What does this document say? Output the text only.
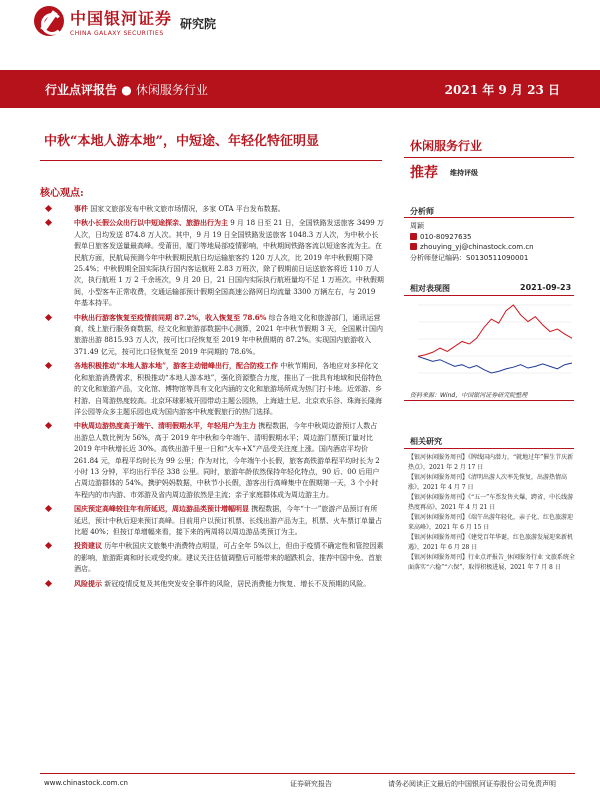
中国银河证券
CHINA GALAXY SECURITIES
研究院
行业点评报告 ● 休闲服务行业	2021 年 9 月 23 日
中秋“本地人游本地”，中短途、年轻化特征明显
核心观点:
事件 国家文旅部发布中秋文旅市场情况，多家 OTA 平台发布数据。
中秋小长假公众出行以中短途探亲、旅游出行为主 9 月 18 日至 21 日，全国铁路发送旅客 3499 万人次，日均发送 874.8 万人次。其中，9 月 19 日全国铁路发送旅客 1048.3 万人次，为中秋小长假单日旅客发送量最高峰。受莆田，厦门等地局部疫情影响，中秋期间铁路客流以短途客流为主。在民航方面，民航局预测今年中秋假期民航日均运输旅客约 120 万人次，比 2019 年中秋假期下降 25.4%；中秋假期全国实际执行国内客运航班 2.83 万班次，除了假期前日运送旅客将近 110 万人次，执行航班 1 万 2 千余班次，9 月 20 日，21 日国内实际执行航班量均不足 1 万班次。中秋假期间，小型客车正常收费，交通运输部预计假期全国高速公路网日均流量 3300 万辆左右，与 2019 年基本持平。
中秋出行游客恢复至疫情前同期 87.2%，收入恢复至 78.6% 综合各地文化和旅游部门，通讯运营商，线上旅行服务商数据，经文化和旅游部数据中心测算，2021 年中秋节假期 3 天，全国累计国内旅游出游 8815.93 万人次，按可比口径恢复至 2019 年中秋假期的 87.2%。实现国内旅游收入 371.49 亿元，按可比口径恢复至 2019 年同期的 78.6%。
各地积极推动“本地人游本地”，游客主动错峰出行，配合防疫工作 中秋节期间，各地应对多样化文化和旅游消费需求，积极推动“本地人游本地”，强化资源整合力度，推出了一批具有地域和民俗特色的文化和旅游产品，文化馆、博物馆等具有文化内涵的文化和旅游场所成为热门打卡地。近郊游、乡村游、自驾游热度较高。北京环球影城开园带动主题公园热，上海迪士尼、北京欢乐谷、珠海长隆海洋公园等众多主题乐园也成为国内游客中秋度假旅行的热门选择。
中秋周边游热度高于端午、清明假期水平，年轻用户为主力 携程数据，今年中秋周边游预订人数占出游总人数比例为 56%，高于 2019 年中秋和今年端午、清明假期水平；周边游门票预订量对比 2019 年中秋增长近 30%。高铁出游千里一日和“火车+X”产品受关注度上涨。国内酒店平均价 261.84 元，单程平均时长为 99 公里；作为对比，今年端午小长假，旅客高铁游单程平均时长为 2 小时 13 分钟，平均出行半径 338 公里。同时，旅游年龄依然保持年轻化特点，90 后、00 后用户占周边游群体的 54%。携驴妈妈数据，中秋节小长假，游客出行高峰集中在假期第一天，3 个小时车程内的市内游、市郊游及省内周边游依然是主流；亲子家庭群体成为周边游主力。
国庆预定高峰较往年有所延迟，周边游品类预计增幅明显 携程数据，今年“十一”旅游产品预订有所延迟，预计中秋后迎来预订高峰。目前用户以预订机票、长线出游产品为主，机票、火车票订单量占比超 40%；但按订单增幅来看，接下来的两周将以周边游品类预订为主。
投资建议 历年中秋国庆文旅集中消费特点明显，可占全年 5%以上，但由于疫情不确定性和管控因素的影响，旅游距离和时长或受约束。建议关注估值调整后可能带来的超跌机会，推荐中国中免、首旅酒店。
风险提示 新冠疫情反复及其他突发安全事件的风险，居民消费能力恢复、增长不及预期的风险。
休闲服务行业
推荐 维持评级
分析师
周颖
010-80927635
zhouying_yj@chinastock.com.cn
分析师登记编码：S0130511090001
相对表现图	2021-09-23
资料来源：Wind，中国银河证券研究院整理
相关研究
【银河休闲服务周刊】《牌线国内潜力，“就地过年”催生节庆新热点》，2021 年 2 月 17 日
【银河休闲服务周刊】《清明出游人次率先恢复，出游热情高涨》，2021 年 4 月 7 日
【银河休闲服务周刊】《“五一”车票发售火爆，跨省、中长线游热度再高》，2021 年 4 月 21 日
【银河休闲服务周刊】《端午出游年轻化，亲子化、红色旅游迎来高峰》，2021 年 6 月 15 日
【银河休闲服务周刊】《建党百年华诞，红色旅游发展迎来新机遇》，2021 年 6 月 28 日
【银河休闲服务周刊】行业点评报告_休闲服务行业 文旅系统全面落实“六稳”“六保”，取得积极进展，2021 年 7 月 8 日
www.chinastock.com.cn	证券研究报告	请务必阅读正文最后的中国银河证券股份公司免责声明
